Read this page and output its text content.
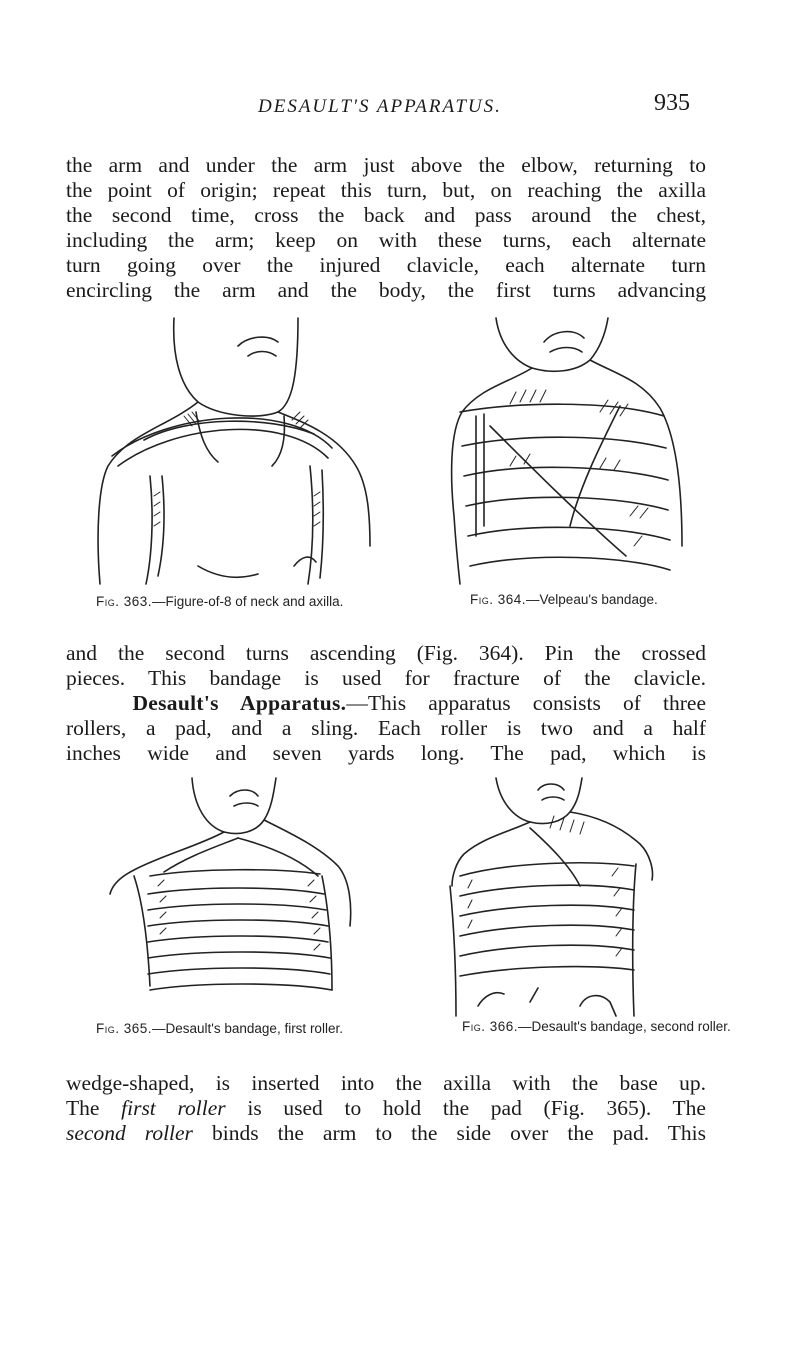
DESAULT'S APPARATUS.	935

the arm and under the arm just above the elbow, returning to
the point of origin; repeat this turn, but, on reaching the axilla
the second time, cross the back and pass around the chest,
including the arm; keep on with these turns, each alternate
turn going over the injured clavicle, each alternate turn
encircling the arm and the body, the first turns advancing

Fig. 363.—Figure-of-8 of neck and axilla.	Fig. 364.—Velpeau's bandage.

and the second turns ascending (Fig. 364). Pin the crossed
pieces. This bandage is used for fracture of the clavicle.
Desault's Apparatus.—This apparatus consists of three
rollers, a pad, and a sling. Each roller is two and a half
inches wide and seven yards long. The pad, which is

Fig. 365.—Desault's bandage, first roller.	Fig. 366.—Desault's bandage, second roller.

wedge-shaped, is inserted into the axilla with the base up.
The first roller is used to hold the pad (Fig. 365). The
second roller binds the arm to the side over the pad. This
